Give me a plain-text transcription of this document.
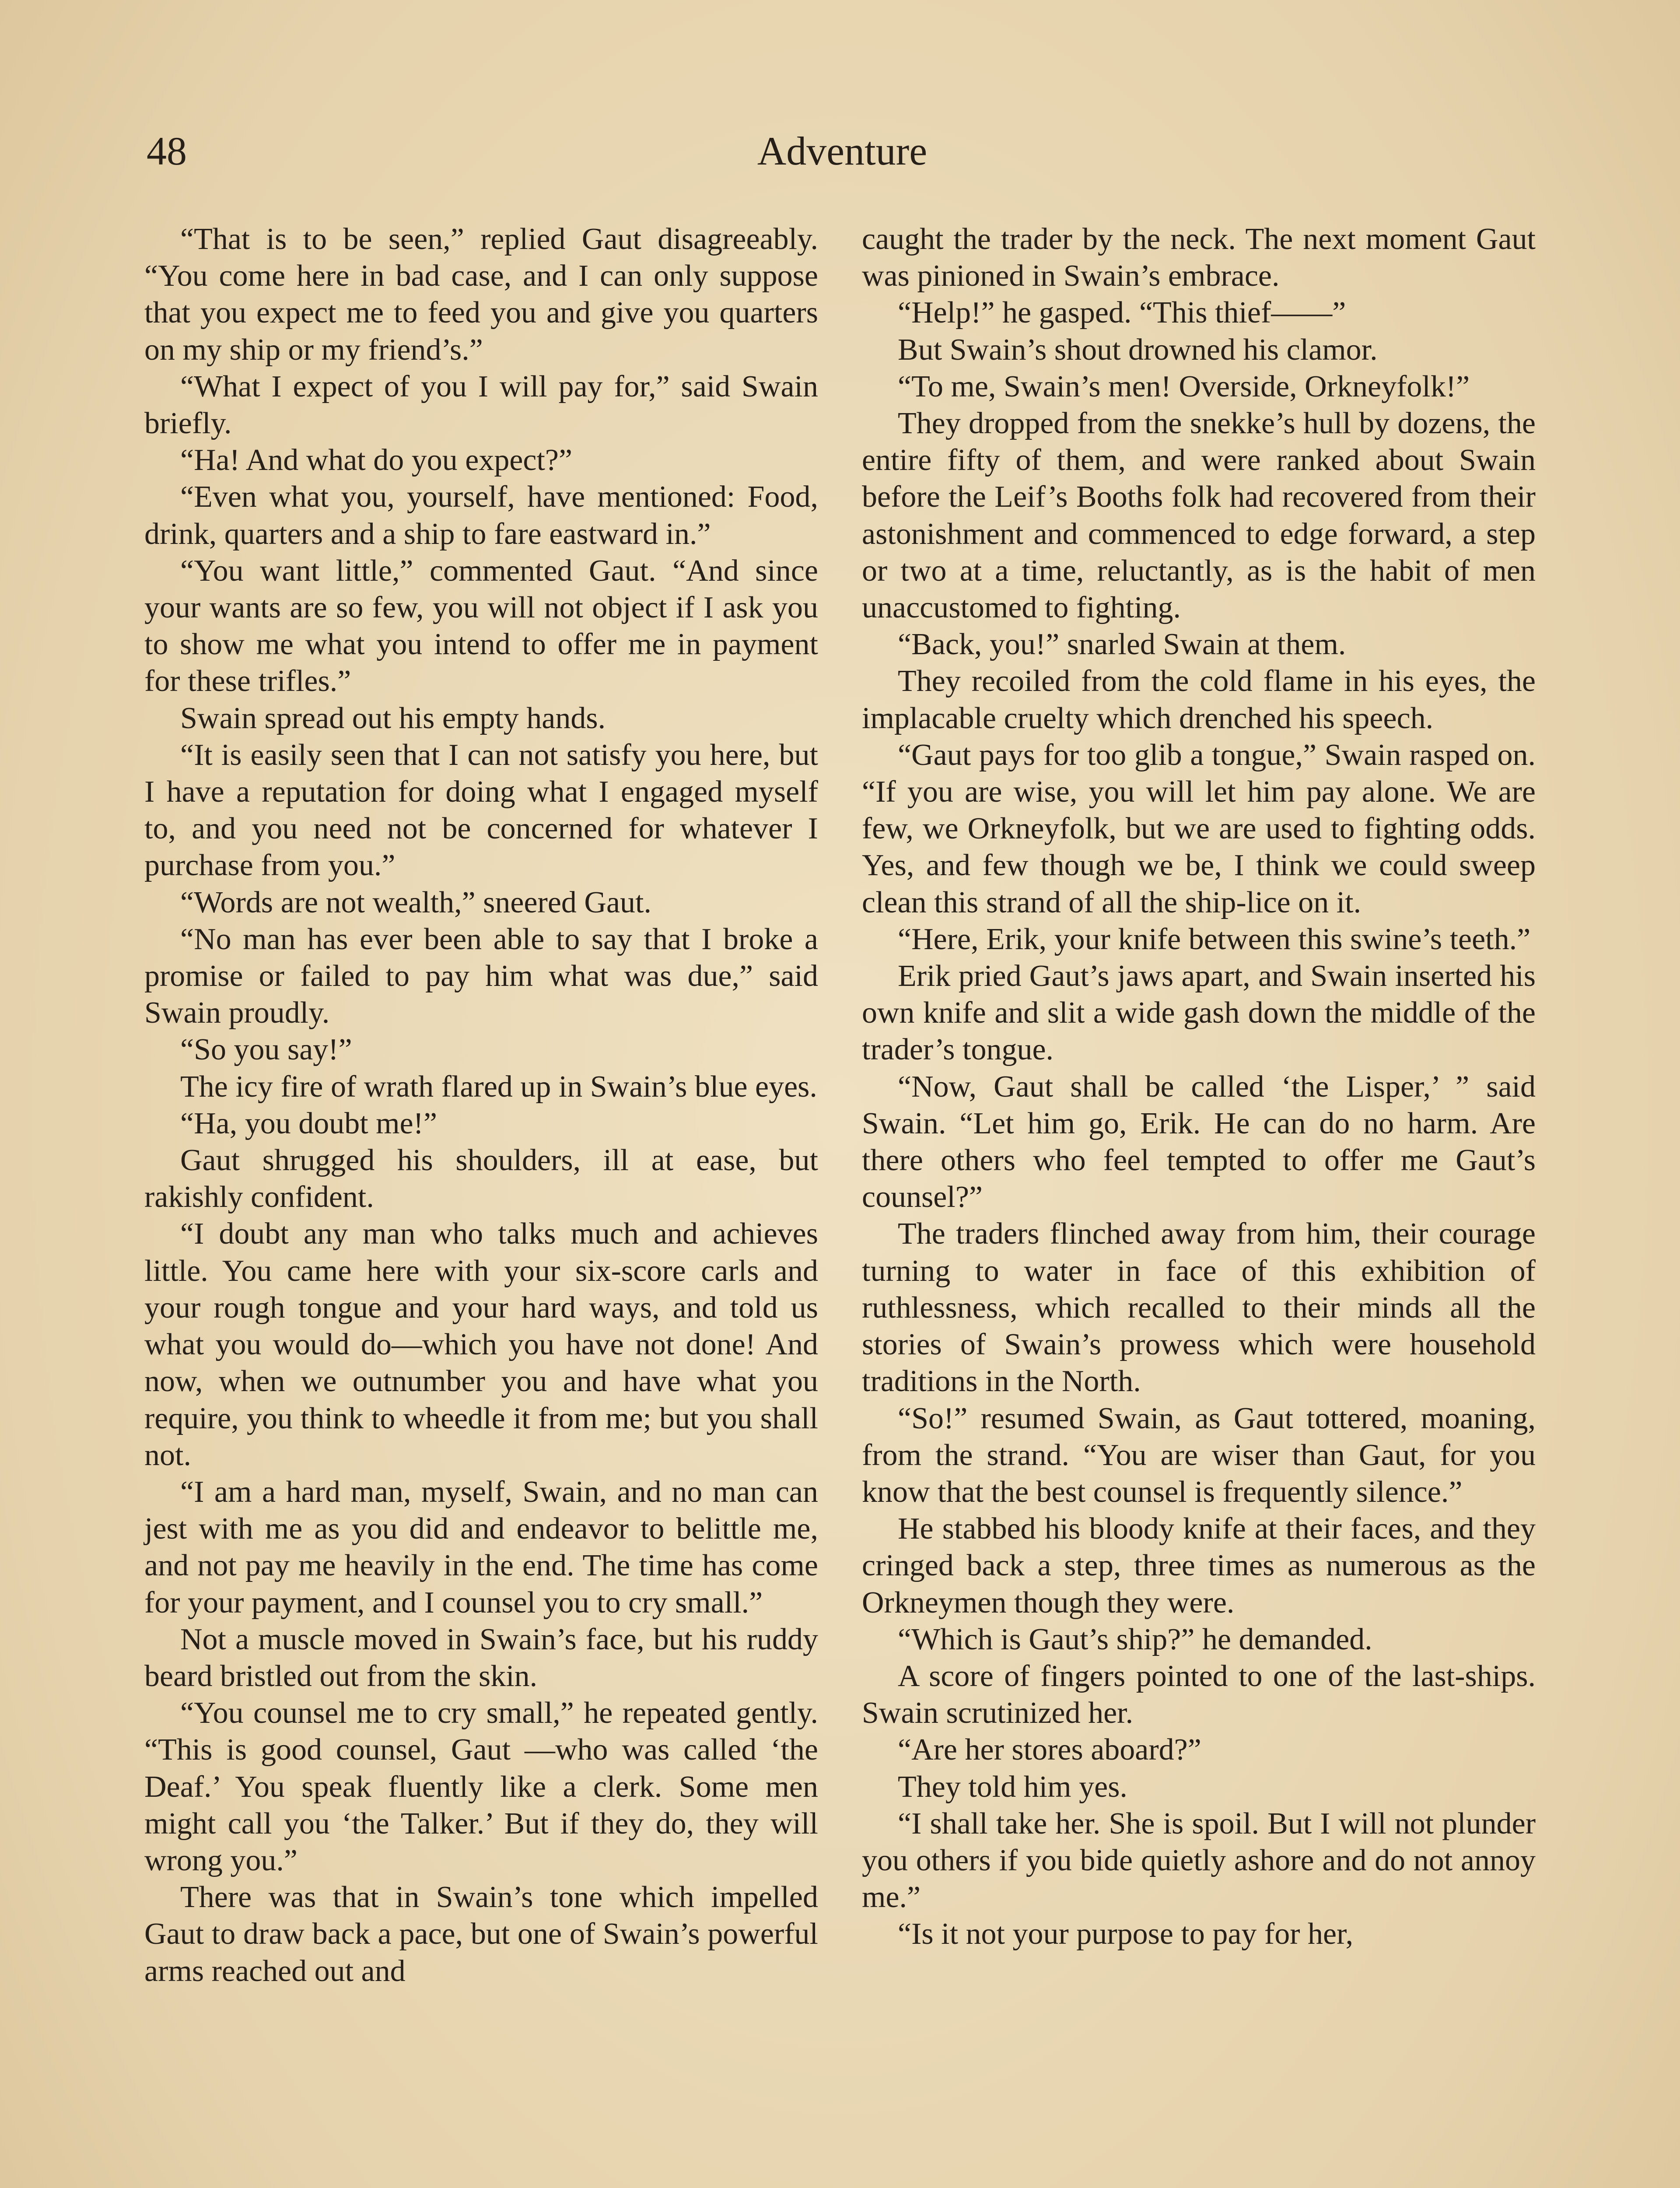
48	Adventure

“That is to be seen,” replied Gaut disagreeably. “You come here in bad case, and I can only suppose that you expect me to feed you and give you quarters on my ship or my friend’s.”

“What I expect of you I will pay for,” said Swain briefly.

“Ha! And what do you expect?”

“Even what you, yourself, have mentioned: Food, drink, quarters and a ship to fare eastward in.”

“You want little,” commented Gaut. “And since your wants are so few, you will not object if I ask you to show me what you intend to offer me in payment for these trifles.”

Swain spread out his empty hands.

“It is easily seen that I can not satisfy you here, but I have a reputation for doing what I engaged myself to, and you need not be concerned for whatever I purchase from you.”

“Words are not wealth,” sneered Gaut.

“No man has ever been able to say that I broke a promise or failed to pay him what was due,” said Swain proudly.

“So you say!”

The icy fire of wrath flared up in Swain’s blue eyes.

“Ha, you doubt me!”

Gaut shrugged his shoulders, ill at ease, but rakishly confident.

“I doubt any man who talks much and achieves little. You came here with your six-score carls and your rough tongue and your hard ways, and told us what you would do—which you have not done! And now, when we outnumber you and have what you require, you think to wheedle it from me; but you shall not.

“I am a hard man, myself, Swain, and no man can jest with me as you did and endeavor to belittle me, and not pay me heavily in the end. The time has come for your payment, and I counsel you to cry small.”

Not a muscle moved in Swain’s face, but his ruddy beard bristled out from the skin.

“You counsel me to cry small,” he repeated gently. “This is good counsel, Gaut —who was called ‘the Deaf.’ You speak fluently like a clerk. Some men might call you ‘the Talker.’ But if they do, they will wrong you.”

There was that in Swain’s tone which impelled Gaut to draw back a pace, but one of Swain’s powerful arms reached out and

caught the trader by the neck. The next moment Gaut was pinioned in Swain’s embrace.

“Help!” he gasped. “This thief——”

But Swain’s shout drowned his clamor.

“To me, Swain’s men! Overside, Orkneyfolk!”

They dropped from the snekke’s hull by dozens, the entire fifty of them, and were ranked about Swain before the Leif’s Booths folk had recovered from their astonishment and commenced to edge forward, a step or two at a time, reluctantly, as is the habit of men unaccustomed to fighting.

“Back, you!” snarled Swain at them.

They recoiled from the cold flame in his eyes, the implacable cruelty which drenched his speech.

“Gaut pays for too glib a tongue,” Swain rasped on. “If you are wise, you will let him pay alone. We are few, we Orkneyfolk, but we are used to fighting odds. Yes, and few though we be, I think we could sweep clean this strand of all the ship-lice on it.

“Here, Erik, your knife between this swine’s teeth.”

Erik pried Gaut’s jaws apart, and Swain inserted his own knife and slit a wide gash down the middle of the trader’s tongue.

“Now, Gaut shall be called ‘the Lisper,’ ” said Swain. “Let him go, Erik. He can do no harm. Are there others who feel tempted to offer me Gaut’s counsel?”

The traders flinched away from him, their courage turning to water in face of this exhibition of ruthlessness, which recalled to their minds all the stories of Swain’s prowess which were household traditions in the North.

“So!” resumed Swain, as Gaut tottered, moaning, from the strand. “You are wiser than Gaut, for you know that the best counsel is frequently silence.”

He stabbed his bloody knife at their faces, and they cringed back a step, three times as numerous as the Orkneymen though they were.

“Which is Gaut’s ship?” he demanded.

A score of fingers pointed to one of the last-ships. Swain scrutinized her.

“Are her stores aboard?”

They told him yes.

“I shall take her. She is spoil. But I will not plunder you others if you bide quietly ashore and do not annoy me.”

“Is it not your purpose to pay for her,
